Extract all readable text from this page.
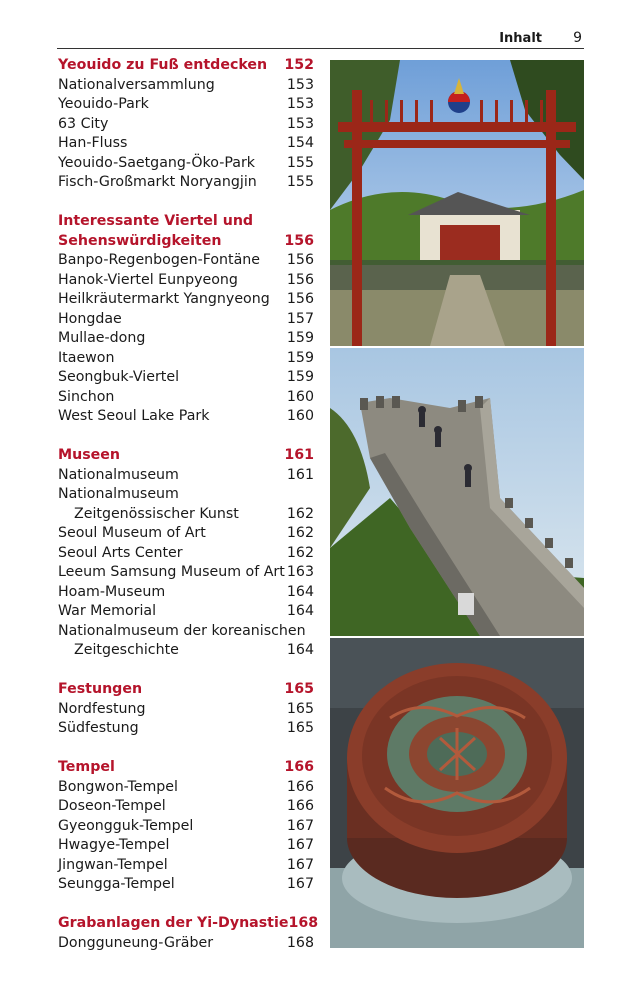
Inhalt 9
Yeouido zu Fuß entdecken 152
Nationalversammlung	153
Yeouido-Park	153
63 City	153
Han-Fluss	154
Yeouido-Saetgang-Öko-Park 155
Fisch-Großmarkt Noryangjin 155
Interessante Viertel und
Sehenswürdigkeiten	156
Banpo-Regenbogen-Fontäne 156
Hanok-Viertel Eunpyeong	156
Heilkräutermarkt Yangnyeong 156
Hongdae	157
Mullae-dong	159
Itaewon	159
Seongbuk-Viertel	159
Sinchon	160
West Seoul Lake Park	160
Museen	161
Nationalmuseum	161
Nationalmuseum
Zeitgenössischer Kunst	162
Seoul Museum of Art	162
Seoul Arts Center	162
Leeum Samsung Museum of Art 163
Hoam-Museum	164
War Memorial	164
Nationalmuseum der koreanischen
Zeitgeschichte	164
Festungen	165
Nordfestung	165
Südfestung	165
Tempel	166
Bongwon-Tempel	166
Doseon-Tempel	166
Gyeongguk-Tempel	167
Hwagye-Tempel	167
Jingwan-Tempel	167
Seungga-Tempel	167
Grabanlagen der Yi-Dynastie 168
Dongguneung-Gräber	168
